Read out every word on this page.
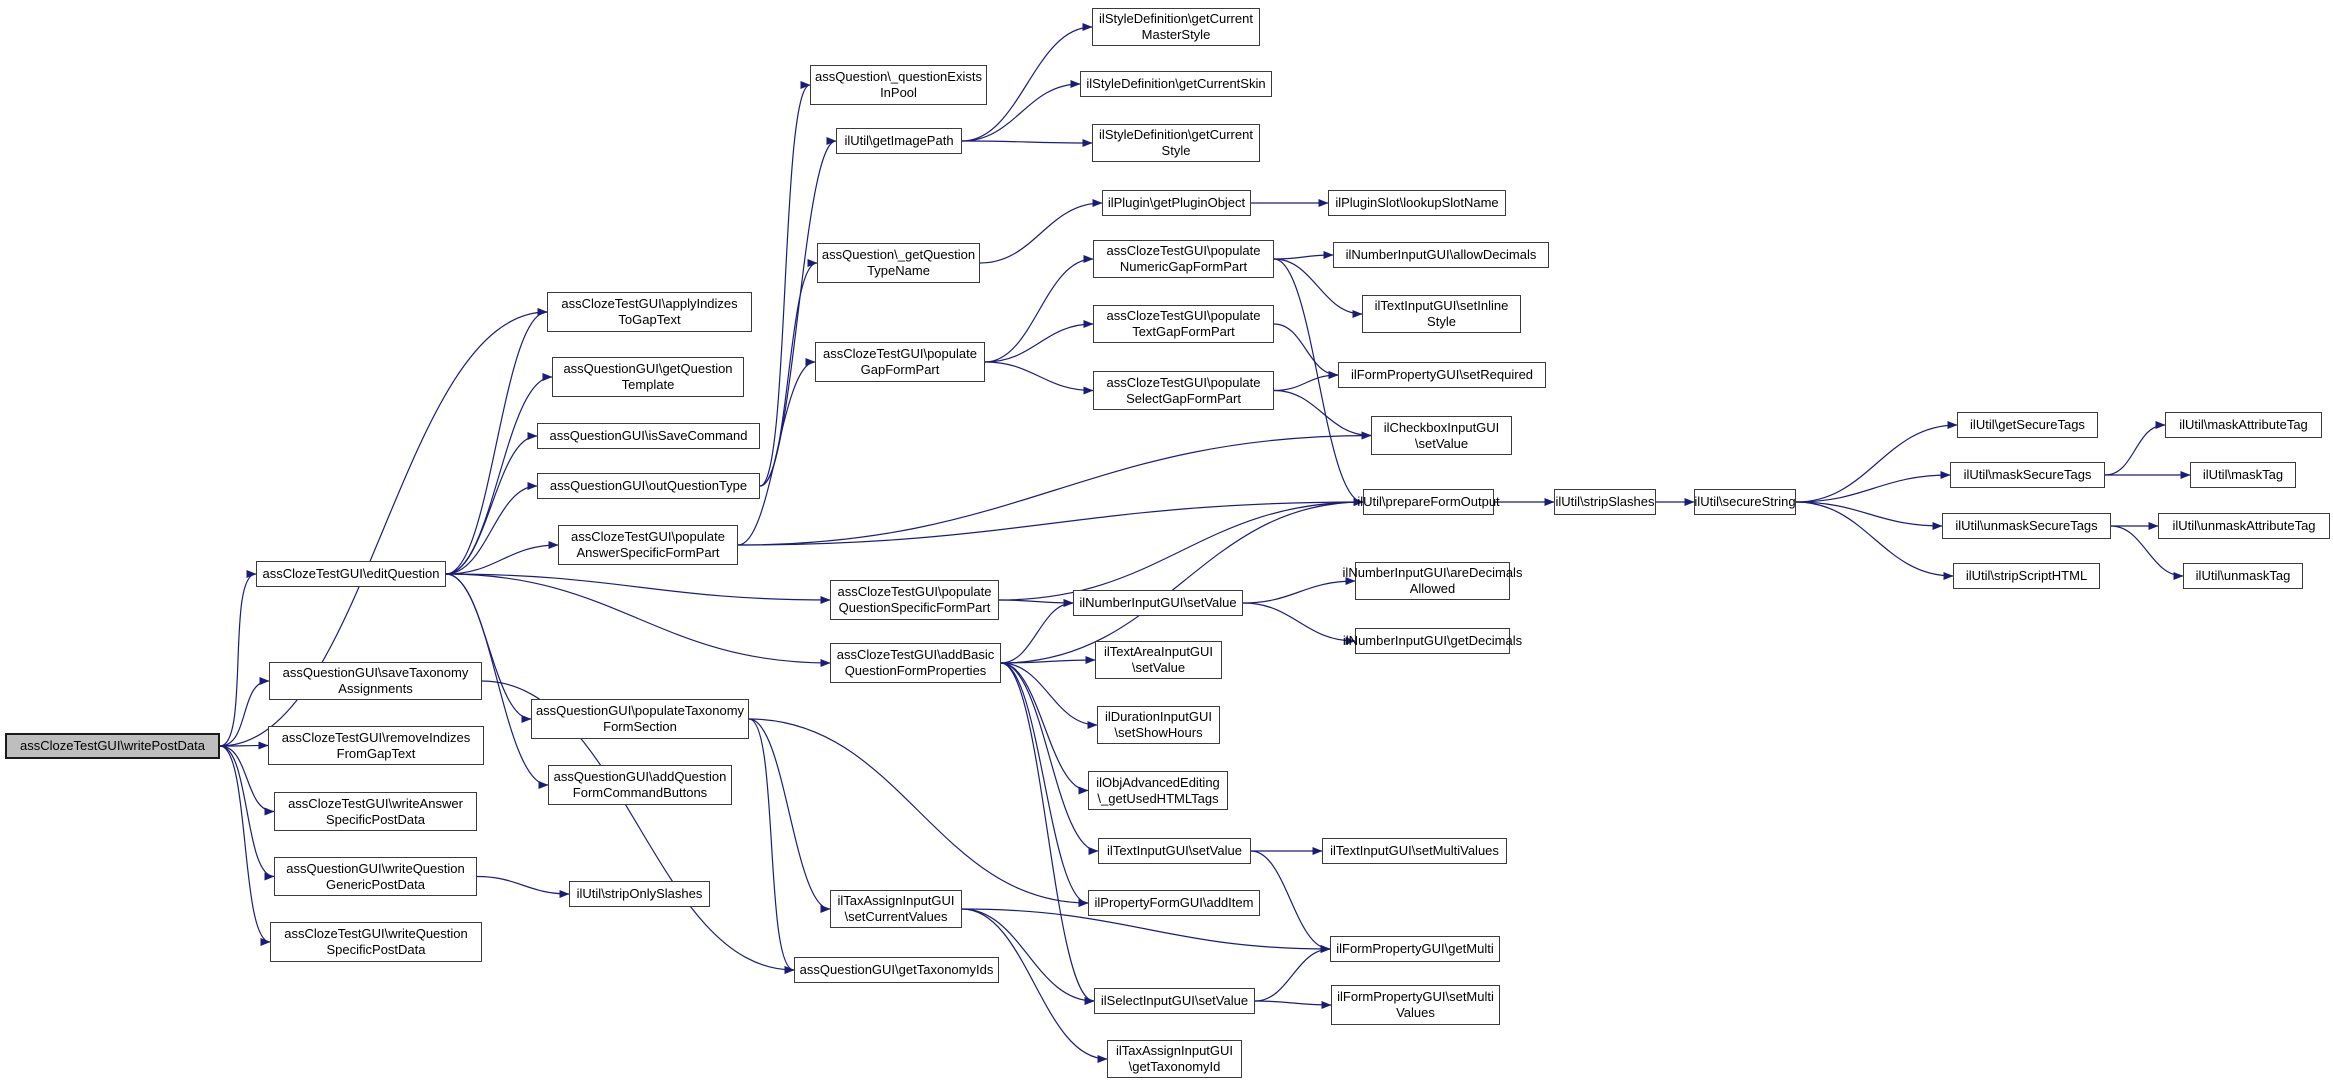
assClozeTestGUI\writePostData
assClozeTestGUI\editQuestion
assQuestionGUI\saveTaxonomy
Assignments
assClozeTestGUI\removeIndizes
FromGapText
assClozeTestGUI\writeAnswer
SpecificPostData
assQuestionGUI\writeQuestion
GenericPostData
assClozeTestGUI\writeQuestion
SpecificPostData
assClozeTestGUI\applyIndizes
ToGapText
assQuestionGUI\getQuestion
Template
assQuestionGUI\isSaveCommand
assQuestionGUI\outQuestionType
assClozeTestGUI\populate
AnswerSpecificFormPart
assQuestionGUI\populateTaxonomy
FormSection
assQuestionGUI\addQuestion
FormCommandButtons
ilUtil\stripOnlySlashes
assQuestion\_questionExists
InPool
ilUtil\getImagePath
assQuestion\_getQuestion
TypeName
assClozeTestGUI\populate
GapFormPart
assClozeTestGUI\populate
QuestionSpecificFormPart
assClozeTestGUI\addBasic
QuestionFormProperties
ilTaxAssignInputGUI
\setCurrentValues
assQuestionGUI\getTaxonomyIds
ilStyleDefinition\getCurrent
MasterStyle
ilStyleDefinition\getCurrentSkin
ilStyleDefinition\getCurrent
Style
ilPlugin\getPluginObject
assClozeTestGUI\populate
NumericGapFormPart
assClozeTestGUI\populate
TextGapFormPart
assClozeTestGUI\populate
SelectGapFormPart
ilNumberInputGUI\setValue
ilTextAreaInputGUI
\setValue
ilDurationInputGUI
\setShowHours
ilObjAdvancedEditing
\_getUsedHTMLTags
ilTextInputGUI\setValue
ilPropertyFormGUI\addItem
ilSelectInputGUI\setValue
ilTaxAssignInputGUI
\getTaxonomyId
ilPluginSlot\lookupSlotName
ilNumberInputGUI\allowDecimals
ilTextInputGUI\setInline
Style
ilFormPropertyGUI\setRequired
ilCheckboxInputGUI
\setValue
ilUtil\prepareFormOutput
ilNumberInputGUI\areDecimals
Allowed
ilNumberInputGUI\getDecimals
ilTextInputGUI\setMultiValues
ilFormPropertyGUI\getMulti
ilFormPropertyGUI\setMulti
Values
ilUtil\stripSlashes	ilUtil\secureString
ilUtil\getSecureTags
ilUtil\maskSecureTags
ilUtil\unmaskSecureTags
ilUtil\stripScriptHTML
ilUtil\maskAttributeTag
ilUtil\maskTag
ilUtil\unmaskAttributeTag
ilUtil\unmaskTag
